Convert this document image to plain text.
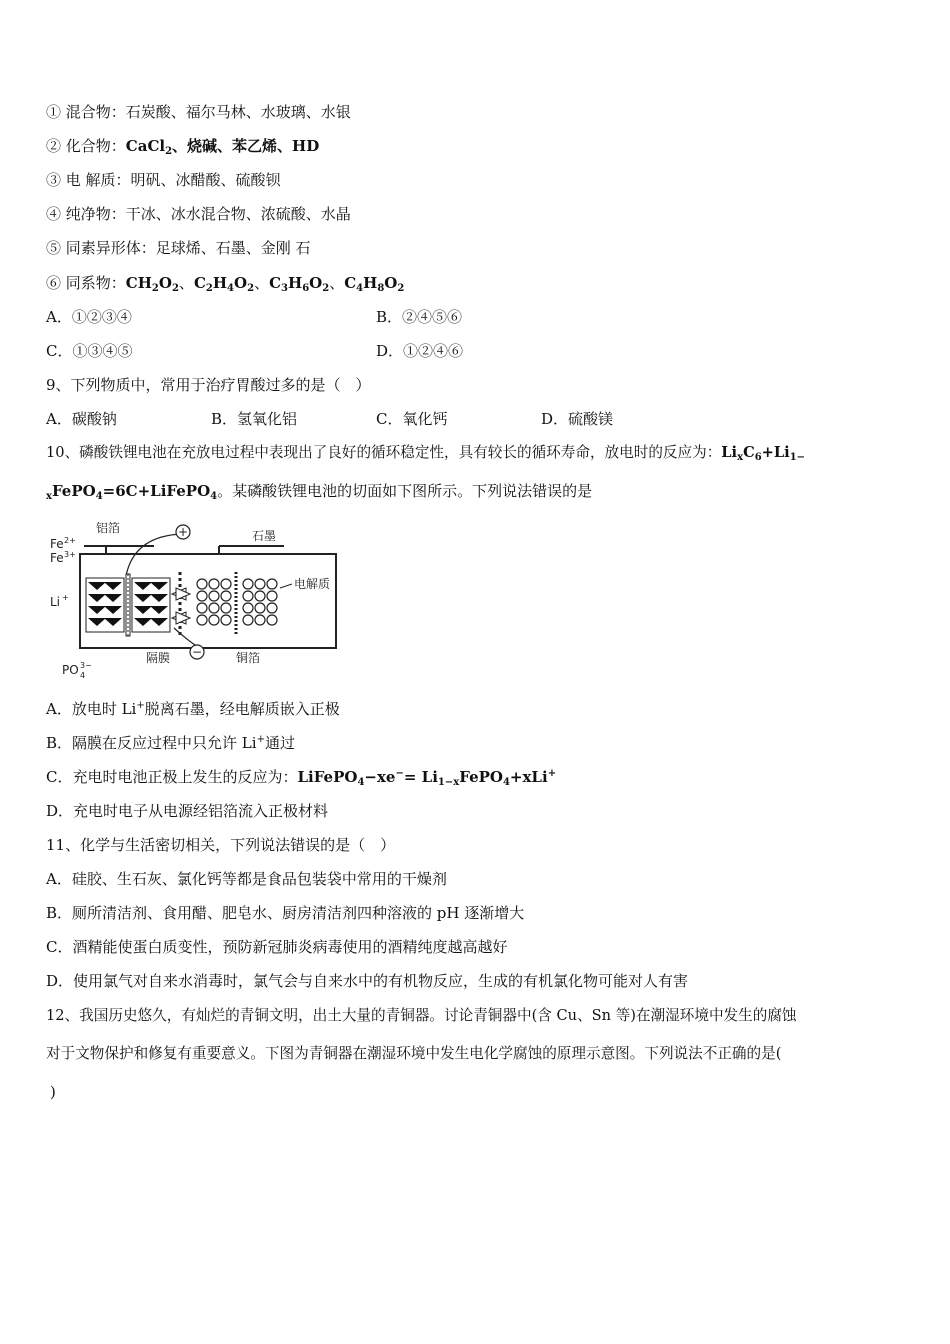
① 混合物：石炭酸、福尔马林、水玻璃、水银
② 化合物：CaCl$_2$、烧碱、苯乙烯、HD
③ 电 解质：明矾、冰醋酸、硫酸钡
④ 纯净物：干冰、冰水混合物、浓硫酸、水晶
⑤ 同素异形体：足球烯、石墨、金刚 石
⑥ 同系物：$CH_2O_2$、$C_2H_4O_2$、$C_3H_6O_2$、$C_4H_8O_2$
A．①②③④	B．②④⑤⑥
C．①③④⑤	D．①②④⑥
9、下列物质中，常用于治疗胃酸过多的是（　）
A．碳酸钠	B．氢氧化铝	C．氧化钙	D．硫酸镁
10、磷酸铁锂电池在充放电过程中表现出了良好的循环稳定性，具有较长的循环寿命，放电时的反应为：$Li_xC_6+Li_{1-}$
$_x$FePO$_4$=6C+LiFePO$_4$。某磷酸铁锂电池的切面如下图所示。下列说法错误的是
+
−
铝箔
石墨
Fe 2+
Fe 3+
Li +
电解质
隔膜	铜箔
PO 4
3−
A．放电时 Li+脱离石墨，经电解质嵌入正极
B．隔膜在反应过程中只允许 Li+通过
C．充电时电池正极上发生的反应为：LiFePO$_4$−xe−= $Li_{1-x}FePO_4+xLi^+$
D．充电时电子从电源经铝箔流入正极材料
11、化学与生活密切相关，下列说法错误的是（　）
A．硅胶、生石灰、氯化钙等都是食品包装袋中常用的干燥剂
B．厕所清洁剂、食用醋、肥皂水、厨房清洁剂四种溶液的 pH 逐渐增大
C．酒精能使蛋白质变性，预防新冠肺炎病毒使用的酒精纯度越高越好
D．使用氯气对自来水消毒时，氯气会与自来水中的有机物反应，生成的有机氯化物可能对人有害
12、我国历史悠久，有灿烂的青铜文明，出土大量的青铜器。讨论青铜器中(含 Cu、Sn 等)在潮湿环境中发生的腐蚀
对于文物保护和修复有重要意义。下图为青铜器在潮湿环境中发生电化学腐蚀的原理示意图。下列说法不正确的是(
)
